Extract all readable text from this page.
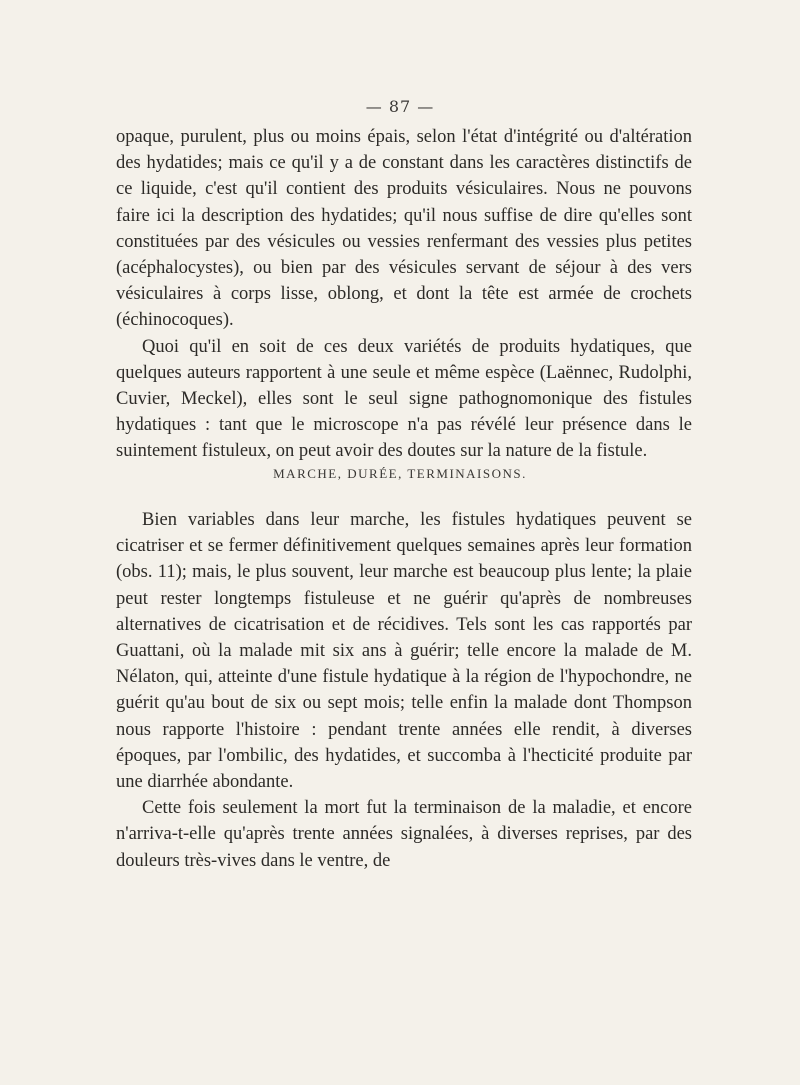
— 87 —

opaque, purulent, plus ou moins épais, selon l'état d'intégrité ou d'altération des hydatides; mais ce qu'il y a de constant dans les caractères distinctifs de ce liquide, c'est qu'il contient des produits vésiculaires. Nous ne pouvons faire ici la description des hydatides; qu'il nous suffise de dire qu'elles sont constituées par des vésicules ou vessies renfermant des vessies plus petites (acéphalocystes), ou bien par des vésicules servant de séjour à des vers vésiculaires à corps lisse, oblong, et dont la tête est armée de crochets (échinocoques).

Quoi qu'il en soit de ces deux variétés de produits hydatiques, que quelques auteurs rapportent à une seule et même espèce (Laënnec, Rudolphi, Cuvier, Meckel), elles sont le seul signe pathognomonique des fistules hydatiques : tant que le microscope n'a pas révélé leur présence dans le suintement fistuleux, on peut avoir des doutes sur la nature de la fistule.

MARCHE, DURÉE, TERMINAISONS.

Bien variables dans leur marche, les fistules hydatiques peuvent se cicatriser et se fermer définitivement quelques semaines après leur formation (obs. 11); mais, le plus souvent, leur marche est beaucoup plus lente; la plaie peut rester longtemps fistuleuse et ne guérir qu'après de nombreuses alternatives de cicatrisation et de récidives. Tels sont les cas rapportés par Guattani, où la malade mit six ans à guérir; telle encore la malade de M. Nélaton, qui, atteinte d'une fistule hydatique à la région de l'hypochondre, ne guérit qu'au bout de six ou sept mois; telle enfin la malade dont Thompson nous rapporte l'histoire : pendant trente années elle rendit, à diverses époques, par l'ombilic, des hydatides, et succomba à l'hecticité produite par une diarrhée abondante.

Cette fois seulement la mort fut la terminaison de la maladie, et encore n'arriva-t-elle qu'après trente années signalées, à diverses reprises, par des douleurs très-vives dans le ventre, de
